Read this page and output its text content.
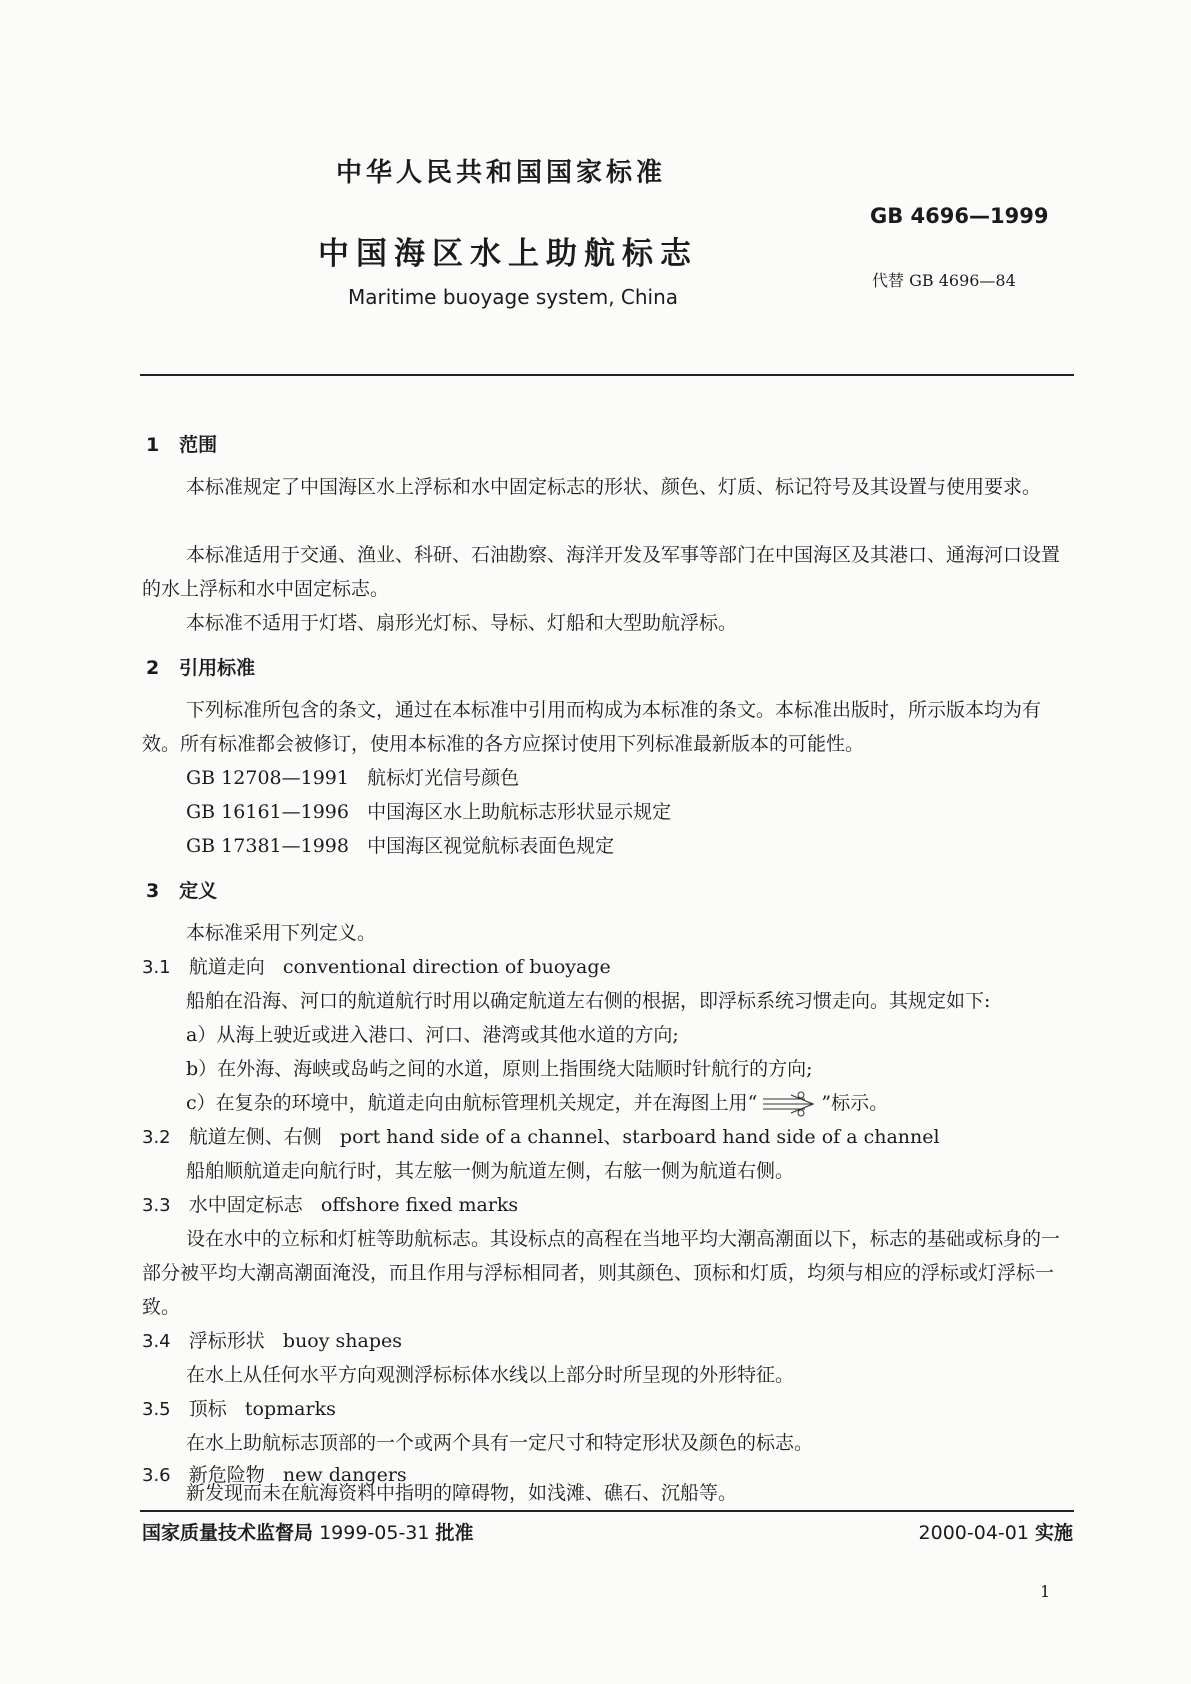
中华人民共和国国家标准
GB 4696—1999
中国海区水上助航标志
代替 GB 4696—84
Maritime buoyage system, China
1 范围
本标准规定了中国海区水上浮标和水中固定标志的形状、颜色、灯质、标记符号及其设置与使用要求。
本标准适用于交通、渔业、科研、石油勘察、海洋开发及军事等部门在中国海区及其港口、通海河口设置的水上浮标和水中固定标志。
本标准不适用于灯塔、扇形光灯标、导标、灯船和大型助航浮标。
2 引用标准
下列标准所包含的条文，通过在本标准中引用而构成为本标准的条文。本标准出版时，所示版本均为有效。所有标准都会被修订，使用本标准的各方应探讨使用下列标准最新版本的可能性。
GB 12708—1991 航标灯光信号颜色
GB 16161—1996 中国海区水上助航标志形状显示规定
GB 17381—1998 中国海区视觉航标表面色规定
3 定义
本标准采用下列定义。
3.1 航道走向 conventional direction of buoyage
船舶在沿海、河口的航道航行时用以确定航道左右侧的根据，即浮标系统习惯走向。其规定如下:
a）从海上驶近或进入港口、河口、港湾或其他水道的方向;
b）在外海、海峡或岛屿之间的水道，原则上指围绕大陆顺时针航行的方向;
c）在复杂的环境中，航道走向由航标管理机关规定，并在海图上用“	”标示。
3.2 航道左侧、右侧 port hand side of a channel、starboard hand side of a channel
船舶顺航道走向航行时，其左舷一侧为航道左侧，右舷一侧为航道右侧。
3.3 水中固定标志 offshore fixed marks
设在水中的立标和灯桩等助航标志。其设标点的高程在当地平均大潮高潮面以下，标志的基础或标身的一部分被平均大潮高潮面淹没，而且作用与浮标相同者，则其颜色、顶标和灯质，均须与相应的浮标或灯浮标一致。
3.4 浮标形状 buoy shapes
在水上从任何水平方向观测浮标标体水线以上部分时所呈现的外形特征。
3.5 顶标 topmarks
在水上助航标志顶部的一个或两个具有一定尺寸和特定形状及颜色的标志。
3.6 新危险物 new dangers
新发现而未在航海资料中指明的障碍物，如浅滩、礁石、沉船等。
国家质量技术监督局 1999-05-31 批准	2000-04-01 实施
1
